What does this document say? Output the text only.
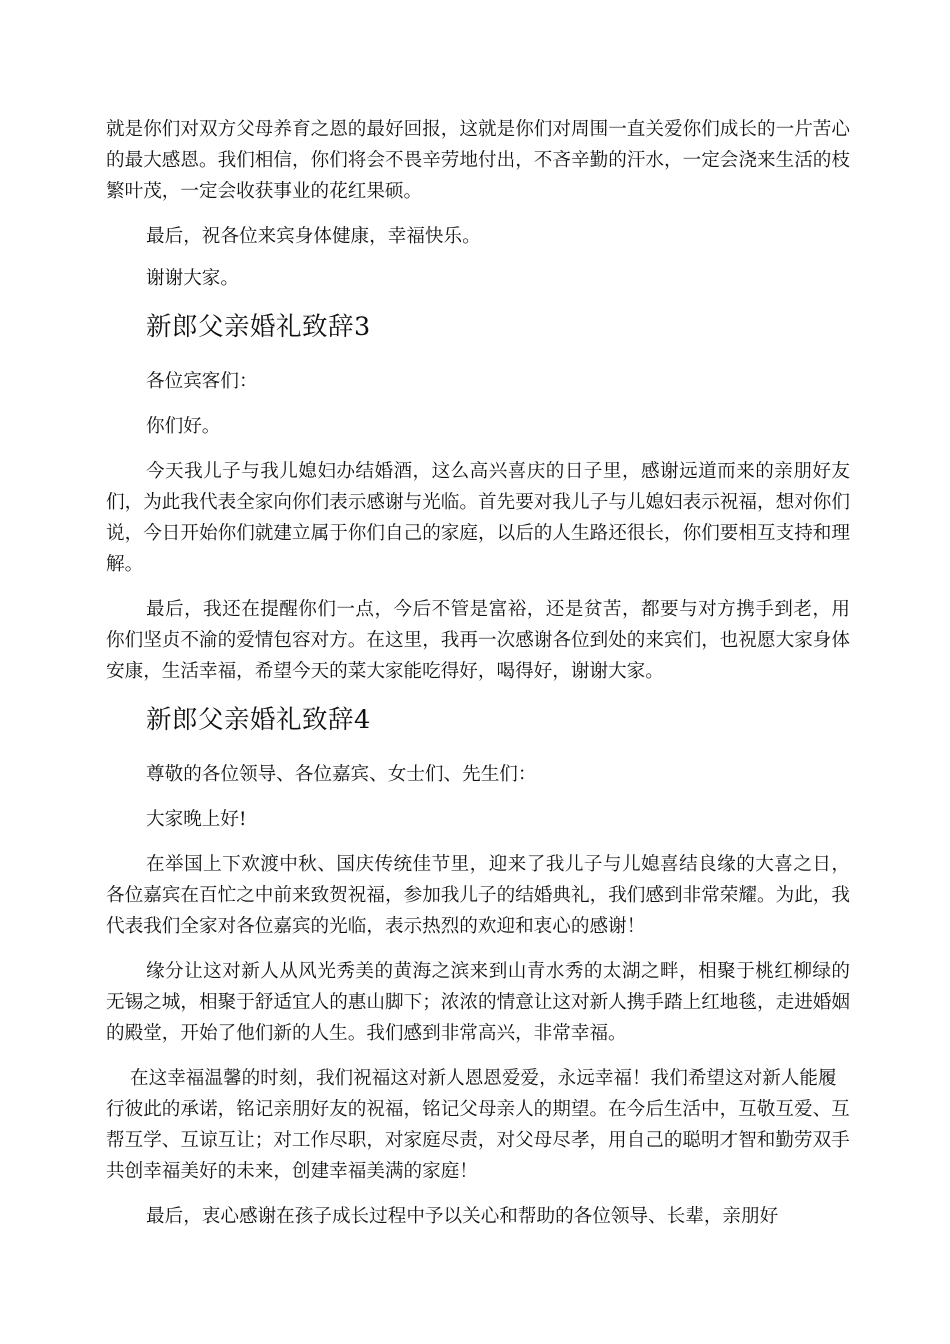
就是你们对双方父母养育之恩的最好回报，这就是你们对周围一直关爱你们成长的一片苦心的最大感恩。我们相信，你们将会不畏辛劳地付出，不吝辛勤的汗水，一定会浇来生活的枝繁叶茂，一定会收获事业的花红果硕。

最后，祝各位来宾身体健康，幸福快乐。

谢谢大家。

新郎父亲婚礼致辞3

各位宾客们：

你们好。

今天我儿子与我儿媳妇办结婚酒，这么高兴喜庆的日子里，感谢远道而来的亲朋好友们，为此我代表全家向你们表示感谢与光临。首先要对我儿子与儿媳妇表示祝福，想对你们说，今日开始你们就建立属于你们自己的家庭，以后的人生路还很长，你们要相互支持和理解。

最后，我还在提醒你们一点，今后不管是富裕，还是贫苦，都要与对方携手到老，用你们坚贞不渝的爱情包容对方。在这里，我再一次感谢各位到处的来宾们，也祝愿大家身体安康，生活幸福，希望今天的菜大家能吃得好，喝得好，谢谢大家。

新郎父亲婚礼致辞4

尊敬的各位领导、各位嘉宾、女士们、先生们：

大家晚上好!

在举国上下欢渡中秋、国庆传统佳节里，迎来了我儿子与儿媳喜结良缘的大喜之日，各位嘉宾在百忙之中前来致贺祝福，参加我儿子的结婚典礼，我们感到非常荣耀。为此，我代表我们全家对各位嘉宾的光临，表示热烈的欢迎和衷心的感谢！

缘分让这对新人从风光秀美的黄海之滨来到山青水秀的太湖之畔，相聚于桃红柳绿的无锡之城，相聚于舒适宜人的惠山脚下；浓浓的情意让这对新人携手踏上红地毯，走进婚姻的殿堂，开始了他们新的人生。我们感到非常高兴，非常幸福。

在这幸福温馨的时刻，我们祝福这对新人恩恩爱爱，永远幸福！我们希望这对新人能履行彼此的承诺，铭记亲朋好友的祝福，铭记父母亲人的期望。在今后生活中，互敬互爱、互帮互学、互谅互让；对工作尽职，对家庭尽责，对父母尽孝，用自己的聪明才智和勤劳双手共创幸福美好的未来，创建幸福美满的家庭！

最后，衷心感谢在孩子成长过程中予以关心和帮助的各位领导、长辈，亲朋好
